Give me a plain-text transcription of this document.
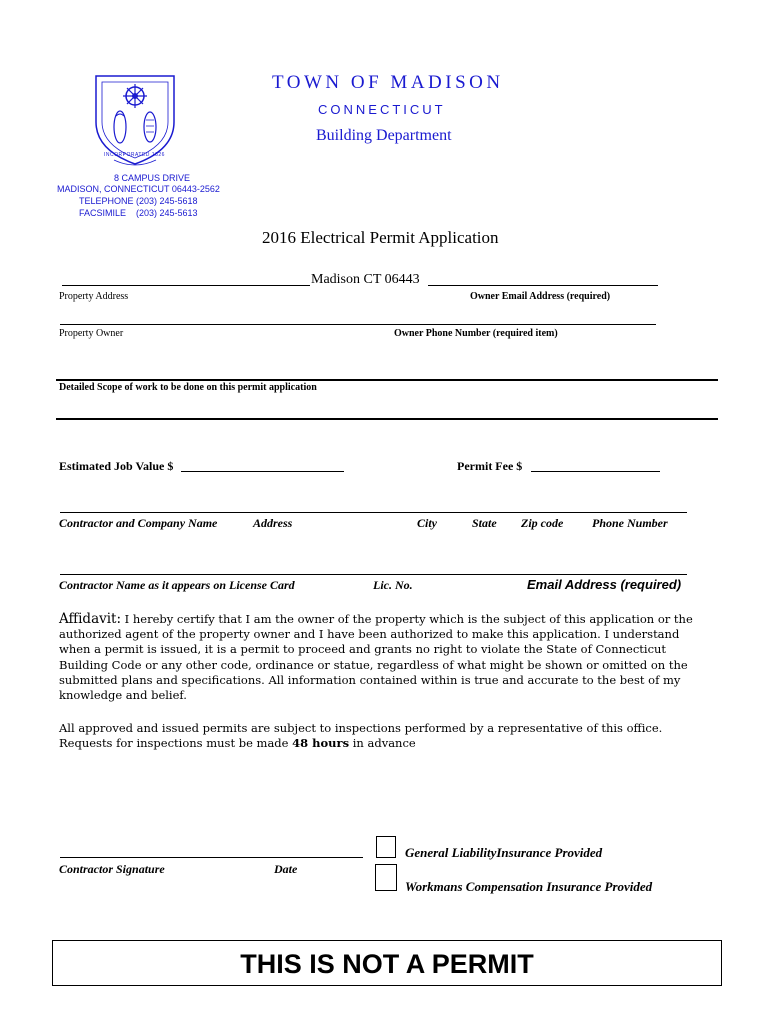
INCORPORATED 1826
TOWN OF MADISON
CONNECTICUT
Building Department
8 CAMPUS DRIVE
MADISON, CONNECTICUT 06443-2562
TELEPHONE (203) 245-5618
FACSIMILE    (203) 245-5613
2016 Electrical Permit Application
Madison CT 06443
Property Address	Owner Email Address (required)
Property Owner	Owner Phone Number (required item)
Detailed Scope of work to be done on this permit application
Estimated Job Value $	Permit Fee $
Contractor and Company Name	Address	City	State Zip code Phone Number
Contractor Name as it appears on License Card	Lic. No.	Email Address (required)
Affidavit: I hereby certify that I am the owner of the property which is the subject of this application or the authorized agent of the property owner and I have been authorized to make this application. I understand when a permit is issued, it is a permit to proceed and grants no right to violate the State of Connecticut Building Code or any other code, ordinance or statue, regardless of what might be shown or omitted on the submitted plans and specifications. All information contained within is true and accurate to the best of my knowledge and belief.
All approved and issued permits are subject to inspections performed by a representative of this office.
Requests for inspections must be made 48 hours in advance
Contractor Signature	Date
General LiabilityInsurance Provided
Workmans Compensation Insurance Provided
THIS IS NOT A PERMIT
